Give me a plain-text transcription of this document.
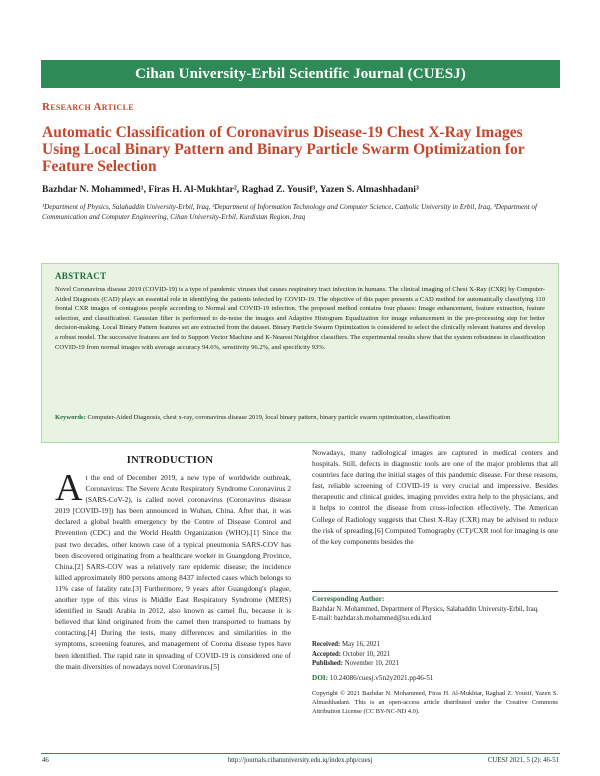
Cihan University-Erbil Scientific Journal (CUESJ)
Research Article
Automatic Classification of Coronavirus Disease-19 Chest X-Ray Images Using Local Binary Pattern and Binary Particle Swarm Optimization for Feature Selection
Bazhdar N. Mohammed¹, Firas H. Al-Mukhtar², Raghad Z. Yousif³, Yazen S. Almashhadani³
¹Department of Physics, Salahaddin University-Erbil, Iraq, ²Department of Information Technology and Computer Science, Catholic University in Erbil, Iraq, ³Department of Communication and Computer Engineering, Cihan University-Erbil, Kurdistan Region, Iraq
ABSTRACT
Novel Coronavirus disease 2019 (COVID-19) is a type of pandemic viruses that causes respiratory tract infection in humans. The clinical imaging of Chest X-Ray (CXR) by Computer-Aided Diagnosis (CAD) plays an essential role in identifying the patients infected by COVID-19. The objective of this paper presents a CAD method for automatically classifying 110 frontal CXR images of contagious people according to Normal and COVID-19 infection. The proposed method contains four phases: Image enhancement, feature extraction, feature selection, and classification. Gaussian filter is performed to de-noise the images and Adaptive Histogram Equalization for image enhancement in the pre-processing step for better decision-making. Local Binary Pattern features set are extracted from the dataset. Binary Particle Swarm Optimization is considered to select the clinically relevant features and develop a robust model. The successive features are fed to Support Vector Machine and K-Nearest Neighbor classifiers. The experimental results show that the system robustness in classification COVID-19 from normal images with average accuracy 94.6%, sensitivity 96.2%, and specificity 93%.
Keywords: Computer-Aided Diagnosis, chest x-ray, coronavirus disease 2019, local binary pattern, binary particle swarm optimization, classification
INTRODUCTION
At the end of December 2019, a new type of worldwide outbreak, Coronavirus: The Severe Acute Respiratory Syndrome Coronavirus 2 (SARS-CoV-2), is called novel coronavirus (Coronavirus disease 2019 [COVID-19]) has been announced in Wuhan, China. After that, it was declared a global health emergency by the Centre of Disease Control and Prevention (CDC) and the World Health Organization (WHO).[1] Since the past two decades, other known case of a typical pneumonia SARS-COV has been discovered originating from a healthcare worker in Guangdong Province, China.[2] SARS-COV was a relatively rare epidemic disease; the incidence killed approximately 800 persons among 8437 infected cases which belongs to 11% case of fatality rate.[3] Furthermore, 9 years after Guangdong's plague, another type of this virus is Middle East Respiratory Syndrome (MERS) identified in Saudi Arabia in 2012, also known as camel flu, because it is believed that kind originated from the camel then transported to humans by contacting.[4] During the tests, many differences and similarities in the symptoms, screening features, and management of Corona disease types have been identified. The rapid rate in spreading of COVID-19 is considered one of the main diversities of nowadays novel Coronavirus.[5]
Nowadays, many radiological images are captured in medical centers and hospitals. Still, defects in diagnostic tools are one of the major problems that all countries face during the initial stages of this pandemic disease. For these reasons, fast, reliable screening of COVID-19 is very crucial and impressive. Besides therapeutic and clinical guides, imaging provides extra help to the physicians, and it helps to control the disease from cross-infection effectively. The American College of Radiology suggests that Chest X-Ray (CXR) may be advised to reduce the risk of spreading.[6] Computed Tomography (CT)/CXR tool for imaging is one of the key components besides the
Corresponding Author:
Bazhdar N. Mohammed, Department of Physics, Salahaddin University-Erbil, Iraq.
E-mail: bazhdar.sh.mohammed@su.edu.krd
Received: May 16, 2021
Accepted: October 10, 2021
Published: November 10, 2021
DOI: 10.24086/cuesj.v5n2y2021.pp46-51
Copyright © 2021 Bazhdar N. Mohammed, Firas H. Al-Mukhtar, Raghad Z. Yousif, Yazen S. Almashhadani. This is an open-access article distributed under the Creative Commons Attribution License (CC BY-NC-ND 4.0).
46	http://journals.cihanuniversity.edu.iq/index.php/cuesj	CUESJ 2021, 5 (2): 46-51
